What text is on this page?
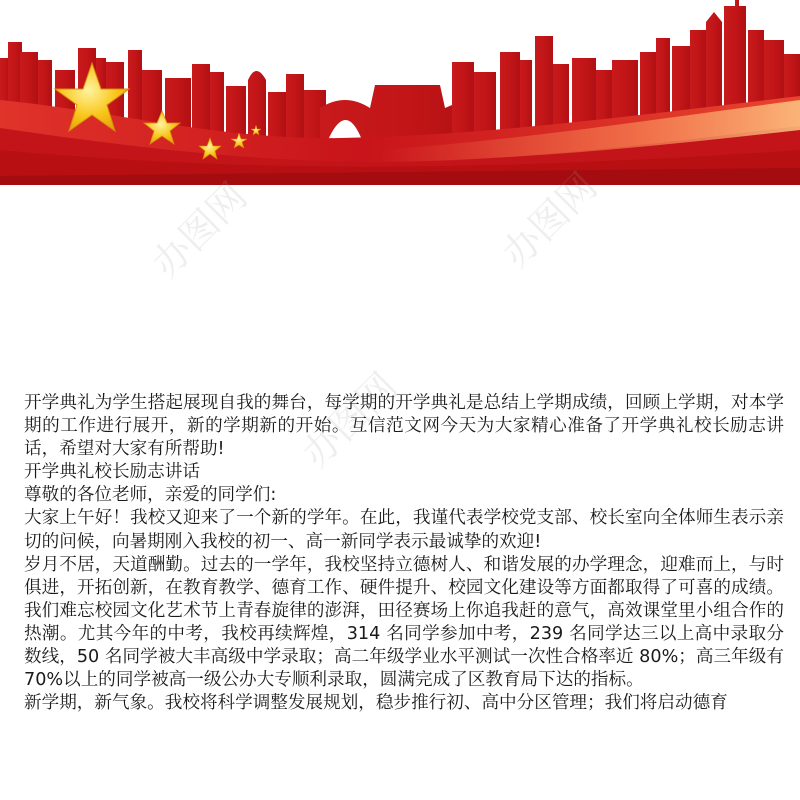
办图网	办图网
办图网

开学典礼为学生搭起展现自我的舞台，每学期的开学典礼是总结上学期成绩，回顾上学期，对本学期的工作进行展开，新的学期新的开始。互信范文网今天为大家精心准备了开学典礼校长励志讲话，希望对大家有所帮助!

开学典礼校长励志讲话

尊敬的各位老师，亲爱的同学们:

大家上午好！我校又迎来了一个新的学年。在此，我谨代表学校党支部、校长室向全体师生表示亲切的问候，向暑期刚入我校的初一、高一新同学表示最诚挚的欢迎!

岁月不居，天道酬勤。过去的一学年，我校坚持立德树人、和谐发展的办学理念，迎难而上，与时俱进，开拓创新，在教育教学、德育工作、硬件提升、校园文化建设等方面都取得了可喜的成绩。我们难忘校园文化艺术节上青春旋律的澎湃，田径赛场上你追我赶的意气，高效课堂里小组合作的热潮。尤其今年的中考，我校再续辉煌，314 名同学参加中考，239 名同学达三以上高中录取分数线，50 名同学被大丰高级中学录取；高二年级学业水平测试一次性合格率近 80%；高三年级有 70%以上的同学被高一级公办大专顺利录取，圆满完成了区教育局下达的指标。

新学期，新气象。我校将科学调整发展规划，稳步推行初、高中分区管理；我们将启动德育
